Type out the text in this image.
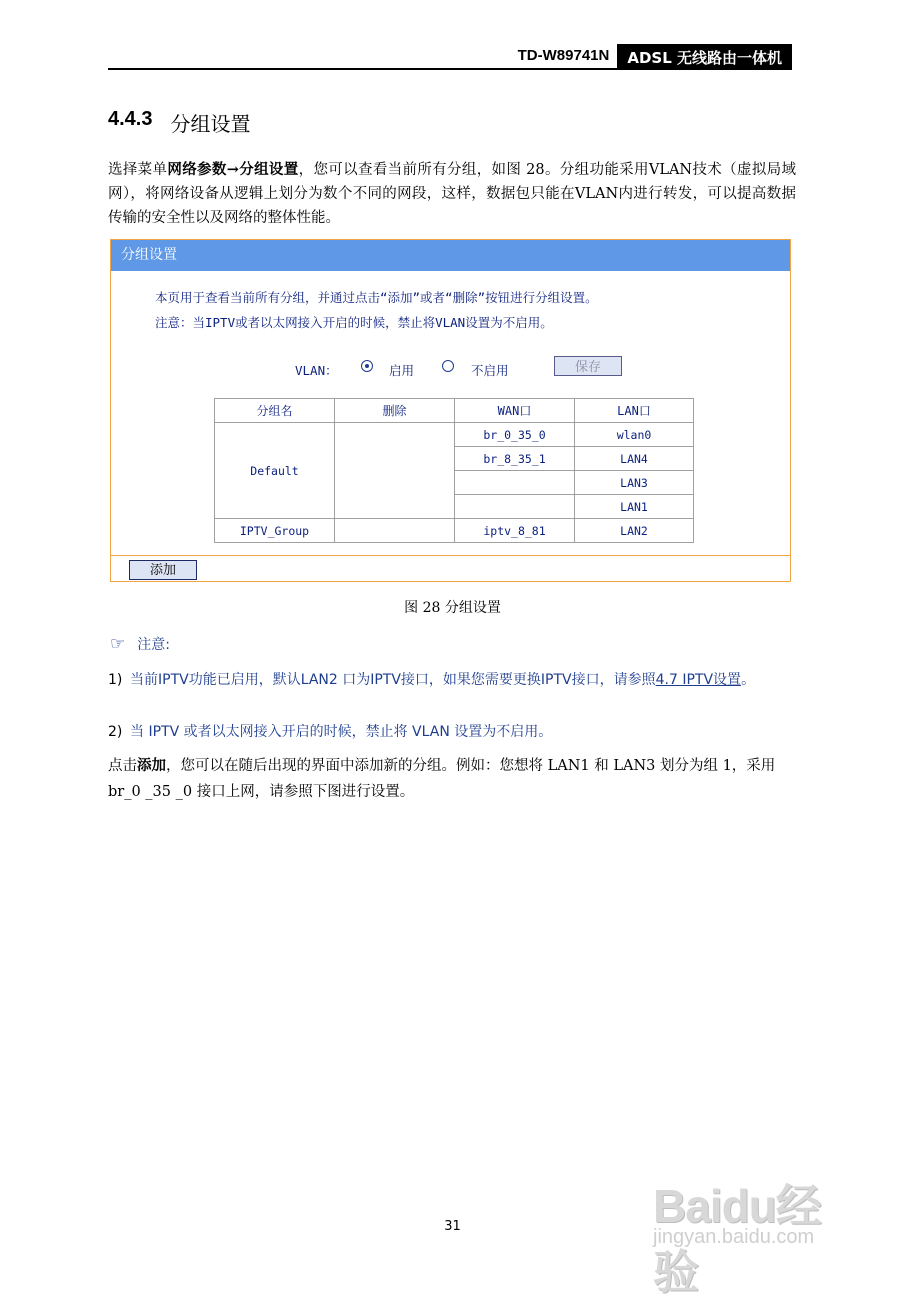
TD-W89741N	ADSL 无线路由一体机
4.4.3 分组设置
选择菜单网络参数→分组设置，您可以查看当前所有分组，如图 28。分组功能采用VLAN技术（虚拟局域网），将网络设备从逻辑上划分为数个不同的网段，这样，数据包只能在VLAN内进行转发，可以提高数据传输的安全性以及网络的整体性能。
分组设置
本页用于查看当前所有分组，并通过点击“添加”或者“删除”按钮进行分组设置。
注意：当IPTV或者以太网接入开启的时候，禁止将VLAN设置为不启用。
VLAN：	启用	不启用	保存
分组名	删除	WAN口	LAN口
Default		br_0_35_0	wlan0
		br_8_35_1	LAN4
			LAN3
			LAN1
IPTV_Group		iptv_8_81	LAN2
添加
图 28 分组设置
☞ 注意:
1) 当前IPTV功能已启用，默认LAN2 口为IPTV接口，如果您需要更换IPTV接口，请参照4.7 IPTV设置。
2) 当 IPTV 或者以太网接入开启的时候，禁止将 VLAN 设置为不启用。
点击添加，您可以在随后出现的界面中添加新的分组。例如：您想将 LAN1 和 LAN3 划分为组 1，采用 br_0 _35 _0 接口上网，请参照下图进行设置。
31	Baidu经验
jingyan.baidu.com
